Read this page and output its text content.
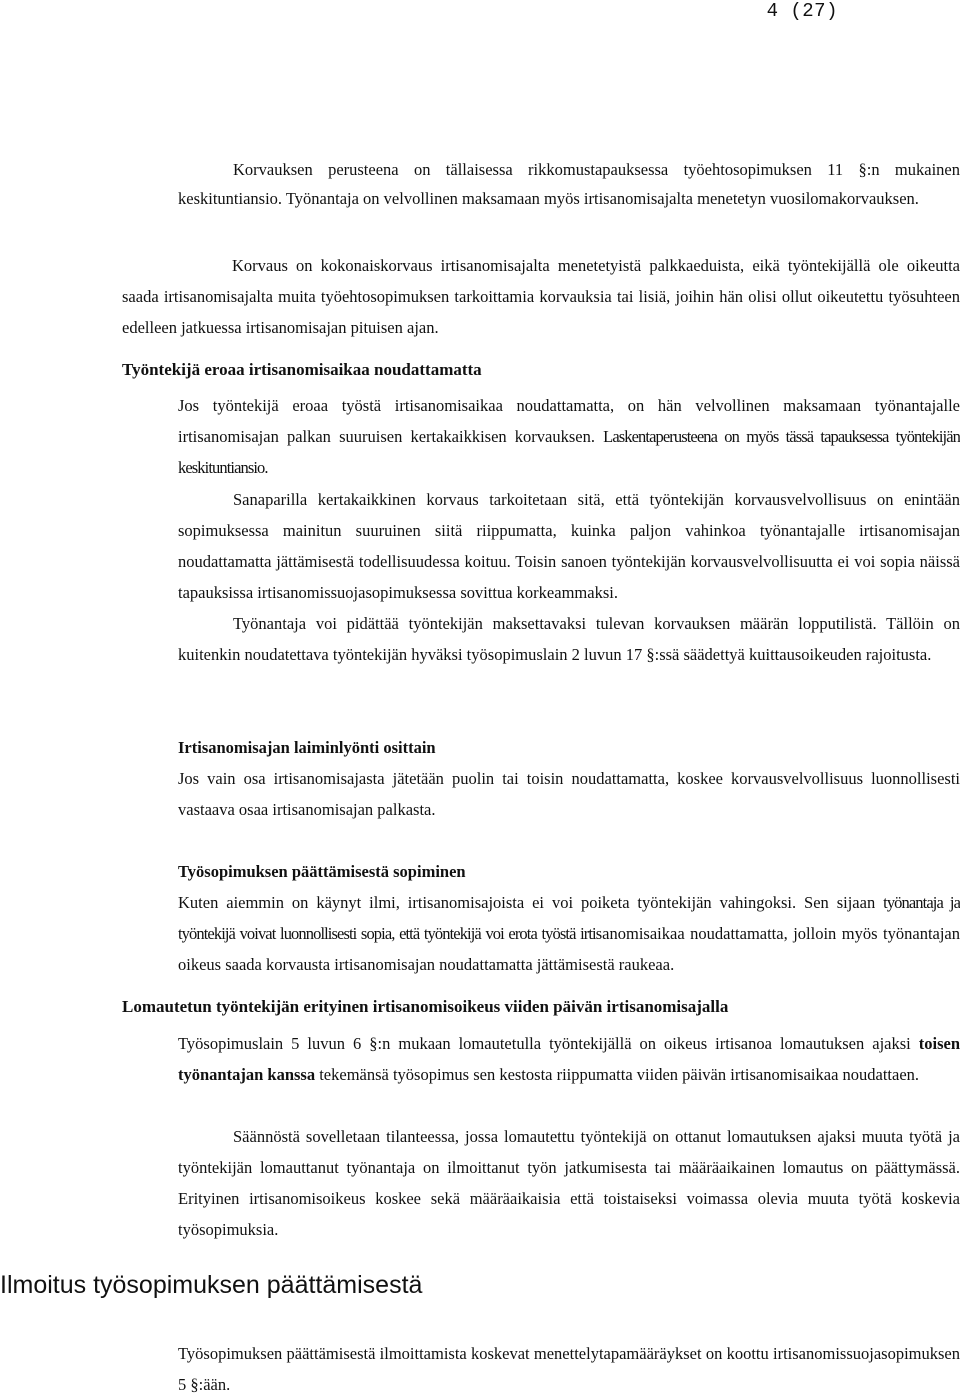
4 (27)

Korvauksen perusteena on tällaisessa rikkomustapauksessa työehtosopimuksen 11 §:n mukainen keskituntiansio. Työnantaja on velvollinen maksamaan myös irtisanomisajalta menetetyn vuosilomakorvauksen.

Korvaus on kokonaiskorvaus irtisanomisajalta menetetyistä palkkaeduista, eikä työntekijällä ole oikeutta saada irtisanomisajalta muita työehtosopimuksen tarkoittamia korvauksia tai lisiä, joihin hän olisi ollut oikeutettu työsuhteen edelleen jatkuessa irtisanomisajan pituisen ajan.

Työntekijä eroaa irtisanomisaikaa noudattamatta

Jos työntekijä eroaa työstä irtisanomisaikaa noudattamatta, on hän velvollinen maksamaan työnantajalle irtisanomisajan palkan suuruisen kertakaikkisen korvauksen. Laskentaperusteena on myös tässä tapauksessa työntekijän keskituntiansio.

Sanaparilla kertakaikkinen korvaus tarkoitetaan sitä, että työntekijän korvausvelvollisuus on enintään sopimuksessa mainitun suuruinen siitä riippumatta, kuinka paljon vahinkoa työnantajalle irtisanomisajan noudattamatta jättämisestä todellisuudessa koituu. Toisin sanoen työntekijän korvausvelvollisuutta ei voi sopia näissä tapauksissa irtisanomissuojasopimuksessa sovittua korkeammaksi.

Työnantaja voi pidättää työntekijän maksettavaksi tulevan korvauksen määrän lopputilistä. Tällöin on kuitenkin noudatettava työntekijän hyväksi työsopimuslain 2 luvun 17 §:ssä säädettyä kuittausoikeuden rajoitusta.

Irtisanomisajan laiminlyönti osittain

Jos vain osa irtisanomisajasta jätetään puolin tai toisin noudattamatta, koskee korvausvelvollisuus luonnollisesti vastaava osaa irtisanomisajan palkasta.

Työsopimuksen päättämisestä sopiminen

Kuten aiemmin on käynyt ilmi, irtisanomisajoista ei voi poiketa työntekijän vahingoksi. Sen sijaan työnantaja ja työntekijä voivat luonnollisesti sopia, että työntekijä voi erota työstä irtisanomisaikaa noudattamatta, jolloin myös työnantajan oikeus saada korvausta irtisanomisajan noudattamatta jättämisestä raukeaa.

Lomautetun työntekijän erityinen irtisanomisoikeus viiden päivän irtisanomisajalla

Työsopimuslain 5 luvun 6 §:n mukaan lomautetulla työntekijällä on oikeus irtisanoa lomautuksen ajaksi toisen työnantajan kanssa tekemänsä työsopimus sen kestosta riippumatta viiden päivän irtisanomisaikaa noudattaen.

Säännöstä sovelletaan tilanteessa, jossa lomautettu työntekijä on ottanut lomautuksen ajaksi muuta työtä ja työntekijän lomauttanut työnantaja on ilmoittanut työn jatkumisesta tai määräaikainen lomautus on päättymässä. Erityinen irtisanomisoikeus koskee sekä määräaikaisia että toistaiseksi voimassa olevia muuta työtä koskevia työsopimuksia.

Ilmoitus työsopimuksen päättämisestä

Työsopimuksen päättämisestä ilmoittamista koskevat menettelytapamääräykset on koottu irtisanomissuojasopimuksen 5 §:ään.
